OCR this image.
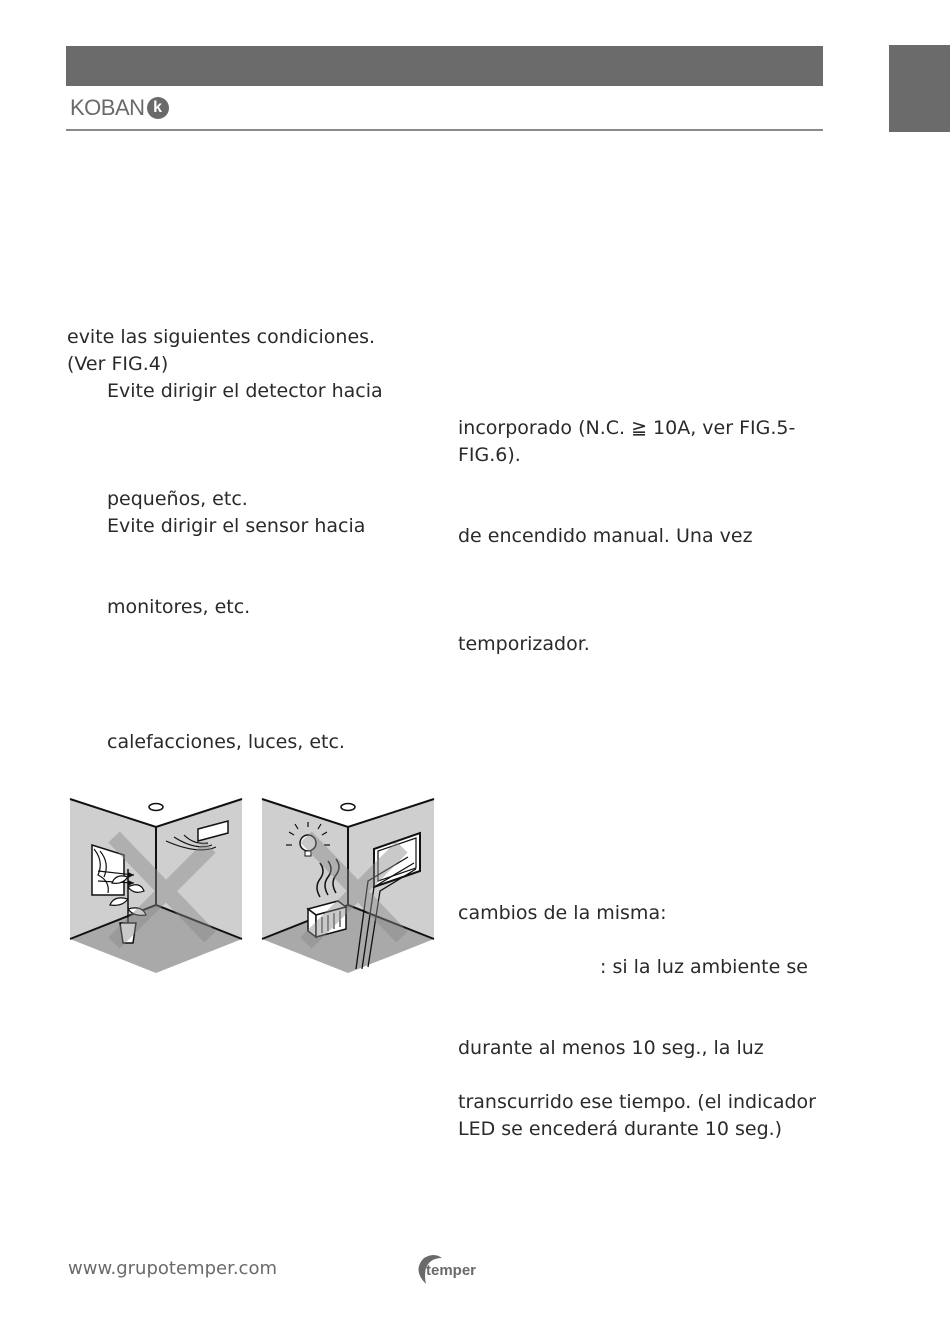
KOBAN k
evite las siguientes condiciones.
(Ver FIG.4)
Evite dirigir el detector hacia
pequeños, etc.
Evite dirigir el sensor hacia
monitores, etc.
calefacciones, luces, etc.
incorporado (N.C. ≧ 10A, ver FIG.5-
FIG.6).
de encendido manual. Una vez
temporizador.
cambios de la misma:
: si la luz ambiente se
durante al menos 10 seg., la luz
transcurrido ese tiempo. (el indicador
LED se encederá durante 10 seg.)
www.grupotemper.com	temper
